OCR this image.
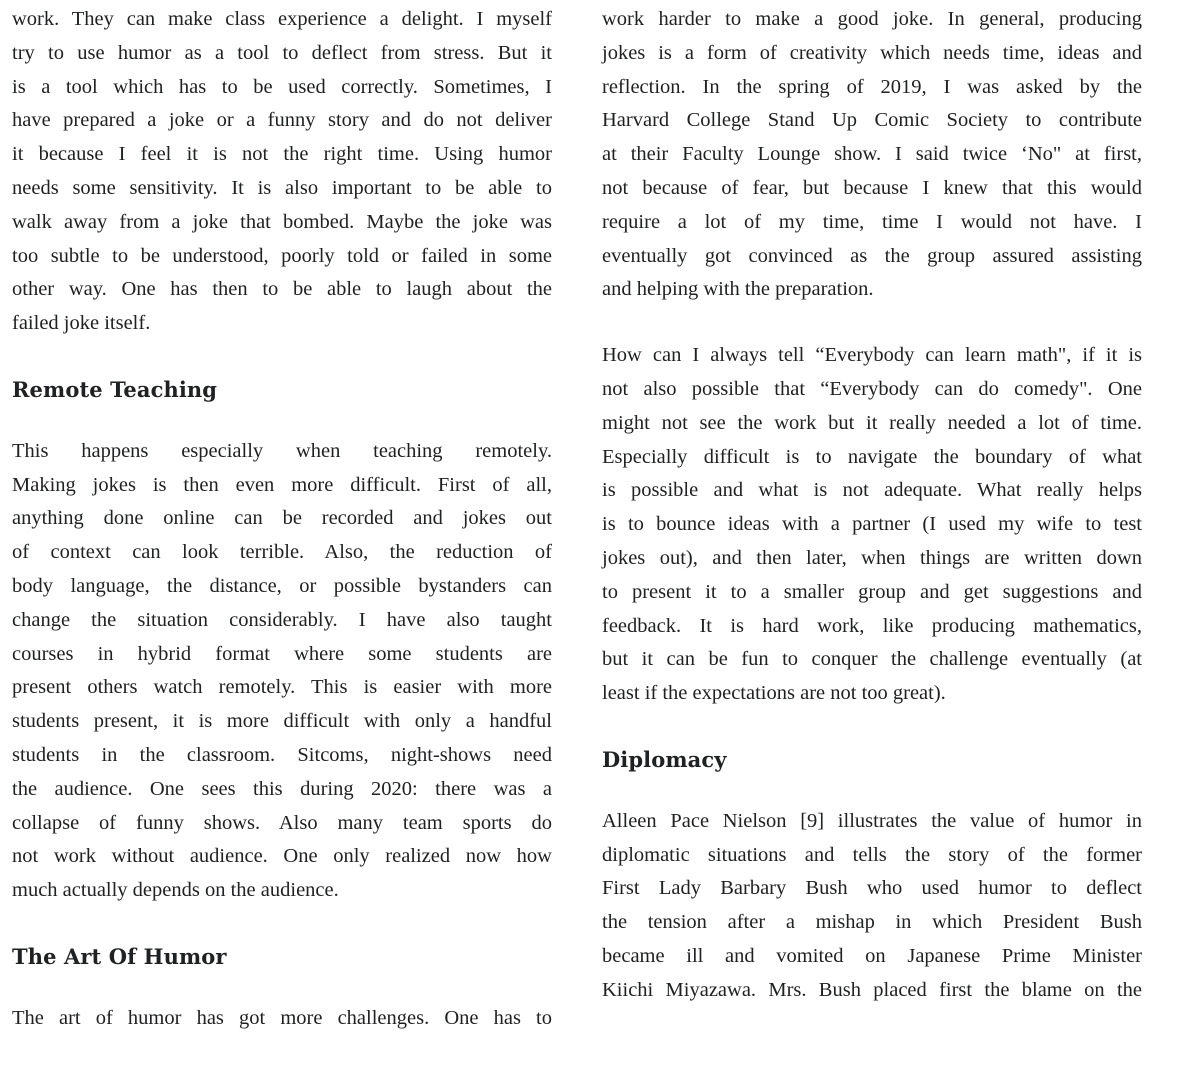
work. They can make class experience a delight. I myself
try to use humor as a tool to deflect from stress. But it
is a tool which has to be used correctly. Sometimes, I
have prepared a joke or a funny story and do not deliver
it because I feel it is not the right time. Using humor
needs some sensitivity. It is also important to be able to
walk away from a joke that bombed. Maybe the joke was
too subtle to be understood, poorly told or failed in some
other way. One has then to be able to laugh about the
failed joke itself.
Remote Teaching
This happens especially when teaching remotely.
Making jokes is then even more difficult. First of all,
anything done online can be recorded and jokes out
of context can look terrible. Also, the reduction of
body language, the distance, or possible bystanders can
change the situation considerably. I have also taught
courses in hybrid format where some students are
present others watch remotely. This is easier with more
students present, it is more difficult with only a handful
students in the classroom. Sitcoms, night-shows need
the audience. One sees this during 2020: there was a
collapse of funny shows. Also many team sports do
not work without audience. One only realized now how
much actually depends on the audience.
The Art Of Humor
The art of humor has got more challenges. One has to
work harder to make a good joke. In general, producing
jokes is a form of creativity which needs time, ideas and
reflection. In the spring of 2019, I was asked by the
Harvard College Stand Up Comic Society to contribute
at their Faculty Lounge show. I said twice ‘No" at first,
not because of fear, but because I knew that this would
require a lot of my time, time I would not have. I
eventually got convinced as the group assured assisting
and helping with the preparation.
How can I always tell “Everybody can learn math", if it is
not also possible that “Everybody can do comedy". One
might not see the work but it really needed a lot of time.
Especially difficult is to navigate the boundary of what
is possible and what is not adequate. What really helps
is to bounce ideas with a partner (I used my wife to test
jokes out), and then later, when things are written down
to present it to a smaller group and get suggestions and
feedback. It is hard work, like producing mathematics,
but it can be fun to conquer the challenge eventually (at
least if the expectations are not too great).
Diplomacy
Alleen Pace Nielson [9] illustrates the value of humor in
diplomatic situations and tells the story of the former
First Lady Barbary Bush who used humor to deflect
the tension after a mishap in which President Bush
became ill and vomited on Japanese Prime Minister
Kiichi Miyazawa. Mrs. Bush placed first the blame on the
